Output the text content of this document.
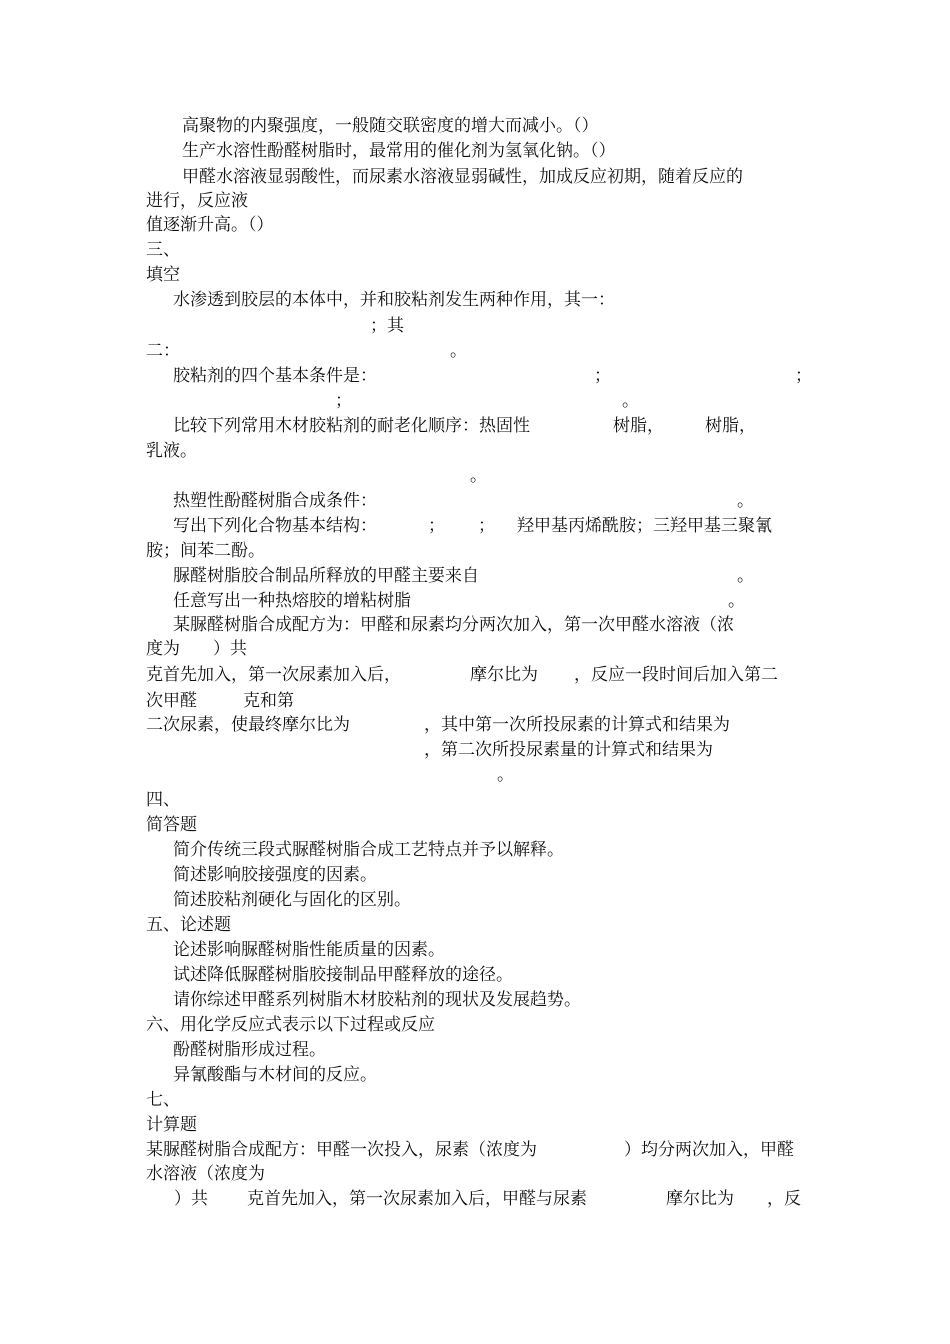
高聚物的内聚强度，一般随交联密度的增大而减小。（）
生产水溶性酚醛树脂时，最常用的催化剂为氢氧化钠。（）
甲醛水溶液显弱酸性，而尿素水溶液显弱碱性，加成反应初期，随着反应的
进行，反应液
值逐渐升高。（）
三、
填空
水渗透到胶层的本体中，并和胶粘剂发生两种作用，其一：
；其
二：	。
胶粘剂的四个基本条件是：	；	；
；	。
比较下列常用木材胶粘剂的耐老化顺序：热固性	树脂， 树脂，
乳液。
。
热塑性酚醛树脂合成条件：	。
写出下列化合物基本结构：	； ； 羟甲基丙烯酰胺；三羟甲基三聚氰
胺；间苯二酚。
脲醛树脂胶合制品所释放的甲醛主要来自	。
任意写出一种热熔胶的增粘树脂	。
某脲醛树脂合成配方为：甲醛和尿素均分两次加入，第一次甲醛水溶液（浓
度为 ）共
克首先加入，第一次尿素加入后，	摩尔比为 ，反应一段时间后加入第二
次甲醛	克和第
二次尿素，使最终摩尔比为	，其中第一次所投尿素的计算式和结果为
，第二次所投尿素量的计算式和结果为
。
四、
简答题
简介传统三段式脲醛树脂合成工艺特点并予以解释。
简述影响胶接强度的因素。
简述胶粘剂硬化与固化的区别。
五、论述题
论述影响脲醛树脂性能质量的因素。
试述降低脲醛树脂胶接制品甲醛释放的途径。
请你综述甲醛系列树脂木材胶粘剂的现状及发展趋势。
六、用化学反应式表示以下过程或反应
酚醛树脂形成过程。
异氰酸酯与木材间的反应。
七、
计算题
某脲醛树脂合成配方：甲醛一次投入，尿素（浓度为	）均分两次加入，甲醛
水溶液（浓度为
）共 克首先加入，第一次尿素加入后，甲醛与尿素	摩尔比为 ，反
